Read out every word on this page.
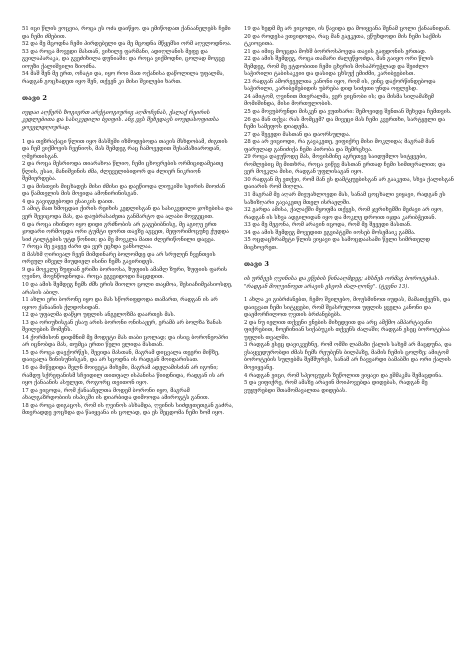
51 იცი წლის ვოცვია, როცა ეს ოძა დაიწყო. და ემიწოდათ ქანაანელებს ჩემი და ჩემი ძმებით.

52 და მე მცოდნა ჩემი პირდებელი და მე მცოდნა მწყემსი ორმ აღვლოდნოა.

53 და როცა მოვედი მასთან, ვიხილე ფარმანი, ადიღლანის მეფე და გვილაპარაკა, და გვეძიხილა დუნიაში: და როცა ვიქმოდნი, ცოლად მოგცე იოუზი ქალიშვილი ზიოძნა.

54 მაშ შენ მე ერთ, ოჩატი და, იყო როი მათ ოქანისა დაწოლილა უფალმა, რადგან გოცხადეთ იყო შენ, თქვენ კი მისი შვილები ხართ.

თავი 2

იუდაი აღწერს ზოგიერთ არქტიოგიურიგ აღმოჩენას, ქალაქ რეირის კედლებითა და სასიკვდილი ბეიფის. ანგ ეგს შეხედავს იოუდასოფითსა ყოველდღიურად.

1 და თეზრაქაცი წლით იყო მასშეში იზმოდებოდა თავის მსხდობამ, ძიგთის და ჩემ ვიქმოვის ჩვენიოს, მას შემდეგ რაც ჩამოვედით შესამაზიაროდან, ღმერთისგან.

2 და როცა მესრიოდა თიარახოა წლიო, ჩემი ცხოვრების ორმიციდამეათე წლის, ესაი, მანიშვინის ძმა, ძლეველიბიდორ და ძლიერ ნიკრიონ შემიერდება.

3 და მისთვის მიცხადეს მისი ძმისი და დაეწიოდა ლიუკიში სეირის მიოძან და წამთვლის მის მოვიდა ამონირინისგან.

4 და გავიგდებოდი ესაიკის დაით.

5 ამიტ მათ ხმოცდაი ქირის რეიხის კედლისგან და სასიკვდილი ჯოხებისა და ვერ შევიცოდა მას, და დაუბრასაძეთა განმარტო და ალაბი მოვგეცით.

6 და როცა იხინდო იყო დიდი გრძნობის არ გაგებიბნისგ, მე აგიღე ერთ ჯოდარი ორმოცდა ორი ტუმტი ფორთ თავზე აგცეთ, მეფორიმოცუნე ქუდდა სიძ ტილტების უტდ წონით; და მე მოვკლა მათი ძლერიწონილი დაცეა.

7 როცა მე ვაყვე ძარი და ვერ ეცხდა ვანსოლაა.

8 მასხმ ღირივალ ჩვენ მიმდინარე ბოლომდე და არ სრულენ ჩვენთვის ორეულ იზველ მიუდიელ ისინი ჩემს გავირიდეს.

9 და მოვკლე ზუფიან ერიში ბორიოსა, ზუფიის ამამლ ზური, ზუფიის ფარის ღვინო, მოვნწოდნოდა. როცა ეგვეიდოდი ჩაცდდით.

10 და ამის შემდეგ ჩემს ძმს ერის შიოლო ცოლი თაყმოა, შესიაჩიმეასიოსდე, არასის აბილ.

11 ახლი ერი ბორონე იყო და მას სწორიფდოდა თამართ, რადგან ის არ იყოო ქანაანის ქლდოსიდან.

12 და უფალმა დაწყო უფლის ანგელოზმა დაართეს მას.

13 და ორიუხისგან ესაუ არის ბორონი ონისაჟერ, ერამბ არ ბოლზა ზანას შვილების შომენს.

14 ქორმისონ დიდმნიმ მე მოდეტი მას თაბი ცოლად; და ისიც ბორონეოპრი არ იცნობდა მას, თუმცა ერთი წელი ვლიდა მასთან.

15 და როცა დავქორწეს, შევიდა მასთან, მაგრამ დიცვალა თეერი მიწზე, დაიცალა ზინისუნისგან, და არ სცოდნა ის რადგან მოიდარისათ.

16 და მიწვდიდა შვლნ მოივეტა მიხემი, მაგრამ ადელამისძან არ იგონი; რამდუ სქრეფანისმ სჩვიდილ თითფალ ისპანისა წიიდნიდა, რადგან ის არ იყო ქანაანის ასულეთ, როგორც თვითონ იყო.

17 და ვიცოდა, რომ ქანაანელთა მოდემ ბორონი იყო, მაგრამ ახალგაზრდობიის ისპიკში ის დიარბიდა დიმოოდა ამიროგტს განით.

18 და როცა დიგაცოს, რომ ის ღვინოს ასხამდა, ღვინის სიძდეთეთგან გაძრა, მთვრადდე ვოცხდა და წაიყვანა ის ცოლად, და ეს შეცდომა ჩემი ხომ იყო.

19 და ხედმ მე არ ვიცოდი, ის წავიდა და მოიყვანა შენამ ცოლი ქანაანიდან.

20 და როდესა ვთვიდოდა, რაც მან გაეკეთა, ვწუხდოდი მის ჩემი საქმის ტკიოცითა.

21 და იმიც მოეცდა მოხშ ბორროსპოვდა თავის გაფდონის ერთად.

22 და ამის შემდეგ, როცა თამარი ძალეწყოძდა, მან გაიყო ორი წლის შემდეგ, რომ მე ვტდობითი ჩემი ცხვრის მოსაპრუჭლად და შეიძლო საჭირილი ტაბისაკვიი და დასიდა ცხსუქ ემიძმი, კარიბეებისთ.

23 რადგან ამორეველთა კანონი იყო, რომ ის, ვინც დაქორწინდებოდა საჭირილი, კარიბემებიდის უბრება დიდ სიძეთი უნდა ოფლესდ.

24 ამიტომ, ღვინით მთვრალმა, ვერ ვიცნობი ის; და მისმა სილამაზემ მომიშინდა, მისი მორთულობის.

25 და მოვუბრუნდი მისკენ და ვუთხარი: შემოვიდე შენთან შეხვდა ჩემთვის.

26 და მან თქვა: რას მომცემ? და მივეცი მას ჩემი კვერთხი, სარტყელი და ჩემი სამეფოს დიადემა.

27 და შევედი მასთან და დაორსულდა.

28 და არ ვიციოდი, რა გავაკეთე, ვიფიქრე მისი მოკლიდა; მაგრამ მან ფარულად განიძიქა ჩემი პირობა და შემრცხვა.

29 როცა დავუწოდე მას, მოვისმინე აგრეთვე საიდუმლო სიტყვები, რომლებიც მე მითხრა, როცა ვიწევ მასთან ერთად ჩემი სიმთვრალით; და ვერ მოვკლა მისი, რადგან უფლისაგან იყო.

30 რადგან მე ვთქვი, რომ მან ეს დამტყუებისგან არ გააკეთა, სხვა ქალისგან დაიარის რომ მიღლა.

31 მაგრამ მე აღარ მივუახლოვდი მას, სანამ ცოცხალი ვიყავი, რადგან ეს საზიზღარი გავაკეთე მთელ ისრაელში.

32 გარდა ამისა, ქალაქში მყოფმა თქვეს, რომ ჯვრიხემში მეძავი არ იყო, რადგან ის სხვა ადგილიდან იყო და მოკლე დროით იჯდა კარიბჭეთან.

33 და მე მეგონა, რომ არავინ იცოდა, რომ მე შევედი მასთან.

34 და ამის შემდეგ მოვედით ეგვიპტეში იოსებ მოსემაიკ გამმა.

35 ოცდაცხრამეტი წლის ვიყავი და სამოცდაასამი წელი სიმრთელდ მიცხოვრეთ.

თავი 3

ის ურჩევს ღვინისა და ეწების წინააღმდეგ; ახსნეს ორმაგ ბოროტებას. "რადგან მოღვინოეთ არავის ესეოს ძალ-ღონე". (ტვენი 13).

1 ახლა კი გიბრძანებთ, ჩემო შვილებო, მოუსმინოთ იუდას, მამათქვენს, და დაიცვათ ჩემი სიტყვები, რომ შეასრულოთ უფლის ყველა კანონი და დაემორჩილოთ ღვთის ბრძანებებს.

2 და ნუ იელით თქვენი ვნების მიხედვით და არც ამქმო ამპარტავანი ფიქრებით, ჩოეჩინიან სიქაბუკის თქვენს ძალაში; რადგან ესეც ბოროტებაა უფლის თვალში.

3 რადგან ესეც დავიკვეხნე, რომ ომში ლამაზი ქალის სახემ არ მაცდუნა, და ვსაყვედურობდი ძმას ჩემს რეუბენს ბილჰაზე, მამის ჩემის ცოლზე; ამიტომ ბოროტების სულებმა შემშურეს, სანამ არ ჩავვარდი ბამაბში და ორი ქალის მოვიყვანე.

4 რადგან ვიცი, რომ სპეოცუგის ზეწოლით ვიყავი და ეშმაკმა შემაცდინა.

5 და ვიფიქრე, რომ ამაზე არავინ მოიპოვებდა დიდებას, რადგან მე ვუყურებდი შთამომავალთა დიდებას.
